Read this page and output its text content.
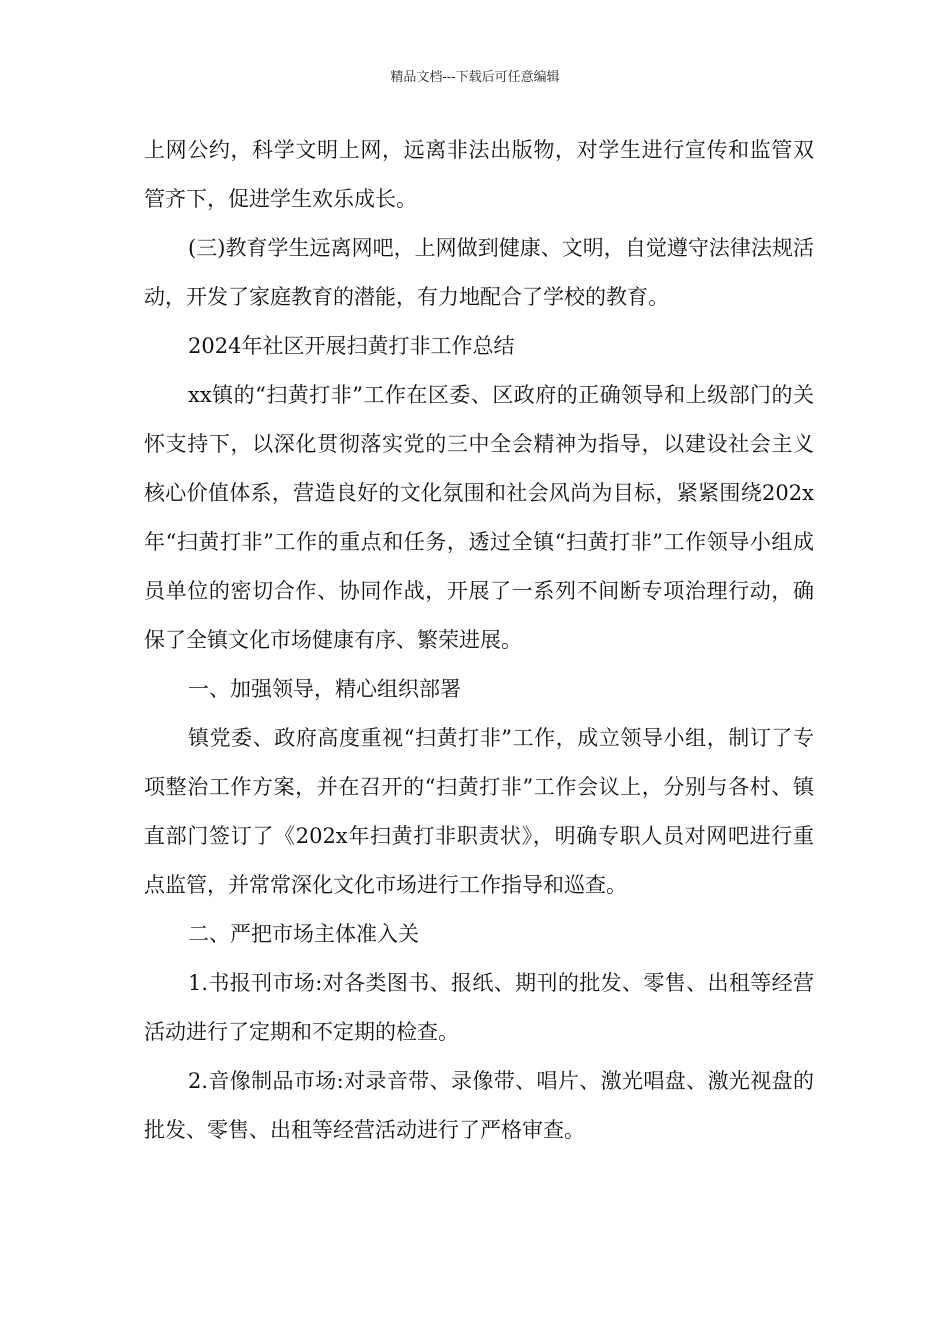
精品文档---下载后可任意编辑

上网公约，科学文明上网，远离非法出版物，对学生进行宣传和监管双管齐下，促进学生欢乐成长。

(三)教育学生远离网吧，上网做到健康、文明，自觉遵守法律法规活动，开发了家庭教育的潜能，有力地配合了学校的教育。

2024年社区开展扫黄打非工作总结

xx镇的“扫黄打非”工作在区委、区政府的正确领导和上级部门的关怀支持下，以深化贯彻落实党的三中全会精神为指导，以建设社会主义核心价值体系，营造良好的文化氛围和社会风尚为目标，紧紧围绕202x年“扫黄打非”工作的重点和任务，透过全镇“扫黄打非”工作领导小组成员单位的密切合作、协同作战，开展了一系列不间断专项治理行动，确保了全镇文化市场健康有序、繁荣进展。

一、加强领导，精心组织部署

镇党委、政府高度重视“扫黄打非”工作，成立领导小组，制订了专项整治工作方案，并在召开的“扫黄打非”工作会议上，分别与各村、镇直部门签订了《202x年扫黄打非职责状》，明确专职人员对网吧进行重点监管，并常常深化文化市场进行工作指导和巡查。

二、严把市场主体准入关

1.书报刊市场:对各类图书、报纸、期刊的批发、零售、出租等经营活动进行了定期和不定期的检查。

2.音像制品市场:对录音带、录像带、唱片、激光唱盘、激光视盘的批发、零售、出租等经营活动进行了严格审查。
